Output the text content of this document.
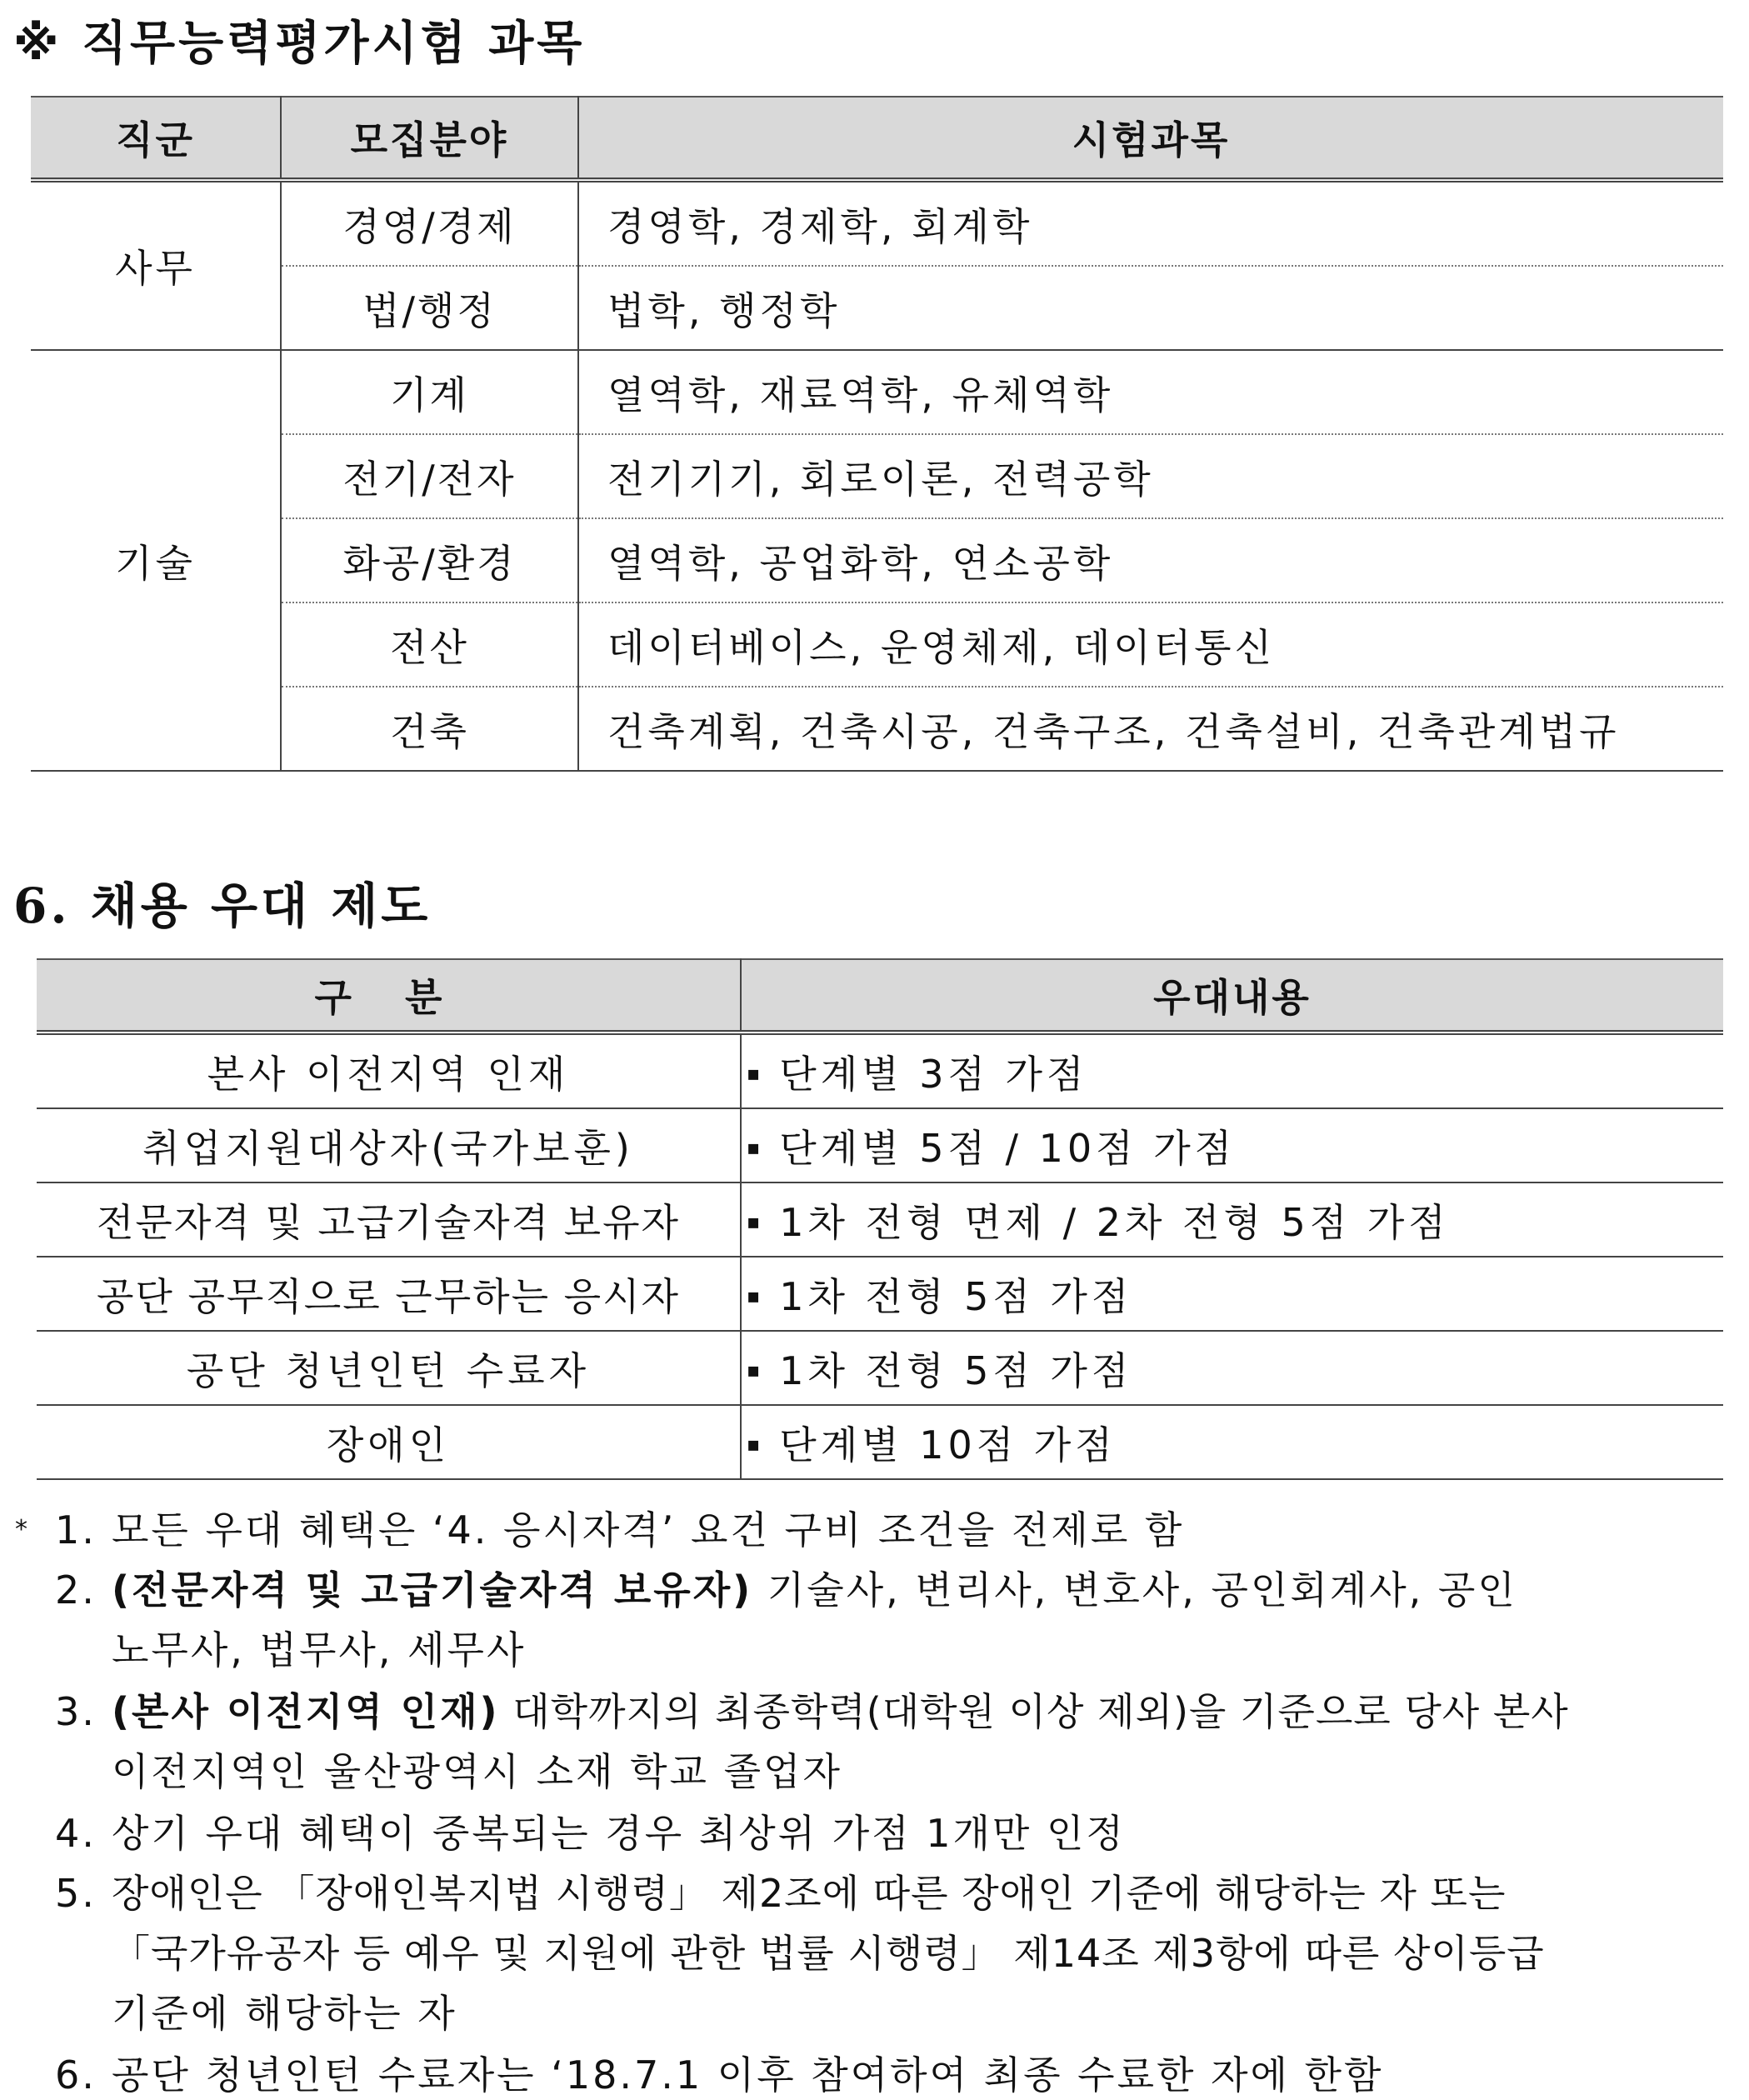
※ 직무능력평가시험 과목
직군	모집분야	시험과목
사무	경영/경제	경영학, 경제학, 회계학
	법/행정	법학, 행정학
기술	기계	열역학, 재료역학, 유체역학
	전기/전자	전기기기, 회로이론, 전력공학
	화공/환경	열역학, 공업화학, 연소공학
	전산	데이터베이스, 운영체제, 데이터통신
	건축	건축계획, 건축시공, 건축구조, 건축설비, 건축관계법규
6. 채용 우대 제도
구 분	우대내용
본사 이전지역 인재	▪ 단계별 3점 가점
취업지원대상자(국가보훈)	▪ 단계별 5점 / 10점 가점
전문자격 및 고급기술자격 보유자	▪ 1차 전형 면제 / 2차 전형 5점 가점
공단 공무직으로 근무하는 응시자	▪ 1차 전형 5점 가점
공단 청년인턴 수료자	▪ 1차 전형 5점 가점
장애인	▪ 단계별 10점 가점
* 1. 모든 우대 혜택은 ‘4. 응시자격’ 요건 구비 조건을 전제로 함
2. (전문자격 및 고급기술자격 보유자) 기술사, 변리사, 변호사, 공인회계사, 공인
노무사, 법무사, 세무사
3. (본사 이전지역 인재) 대학까지의 최종학력(대학원 이상 제외)을 기준으로 당사 본사
이전지역인 울산광역시 소재 학교 졸업자
4. 상기 우대 혜택이 중복되는 경우 최상위 가점 1개만 인정
5. 장애인은 「장애인복지법 시행령」 제2조에 따른 장애인 기준에 해당하는 자 또는
「국가유공자 등 예우 및 지원에 관한 법률 시행령」 제14조 제3항에 따른 상이등급
기준에 해당하는 자
6. 공단 청년인턴 수료자는 ‘18.7.1 이후 참여하여 최종 수료한 자에 한함
